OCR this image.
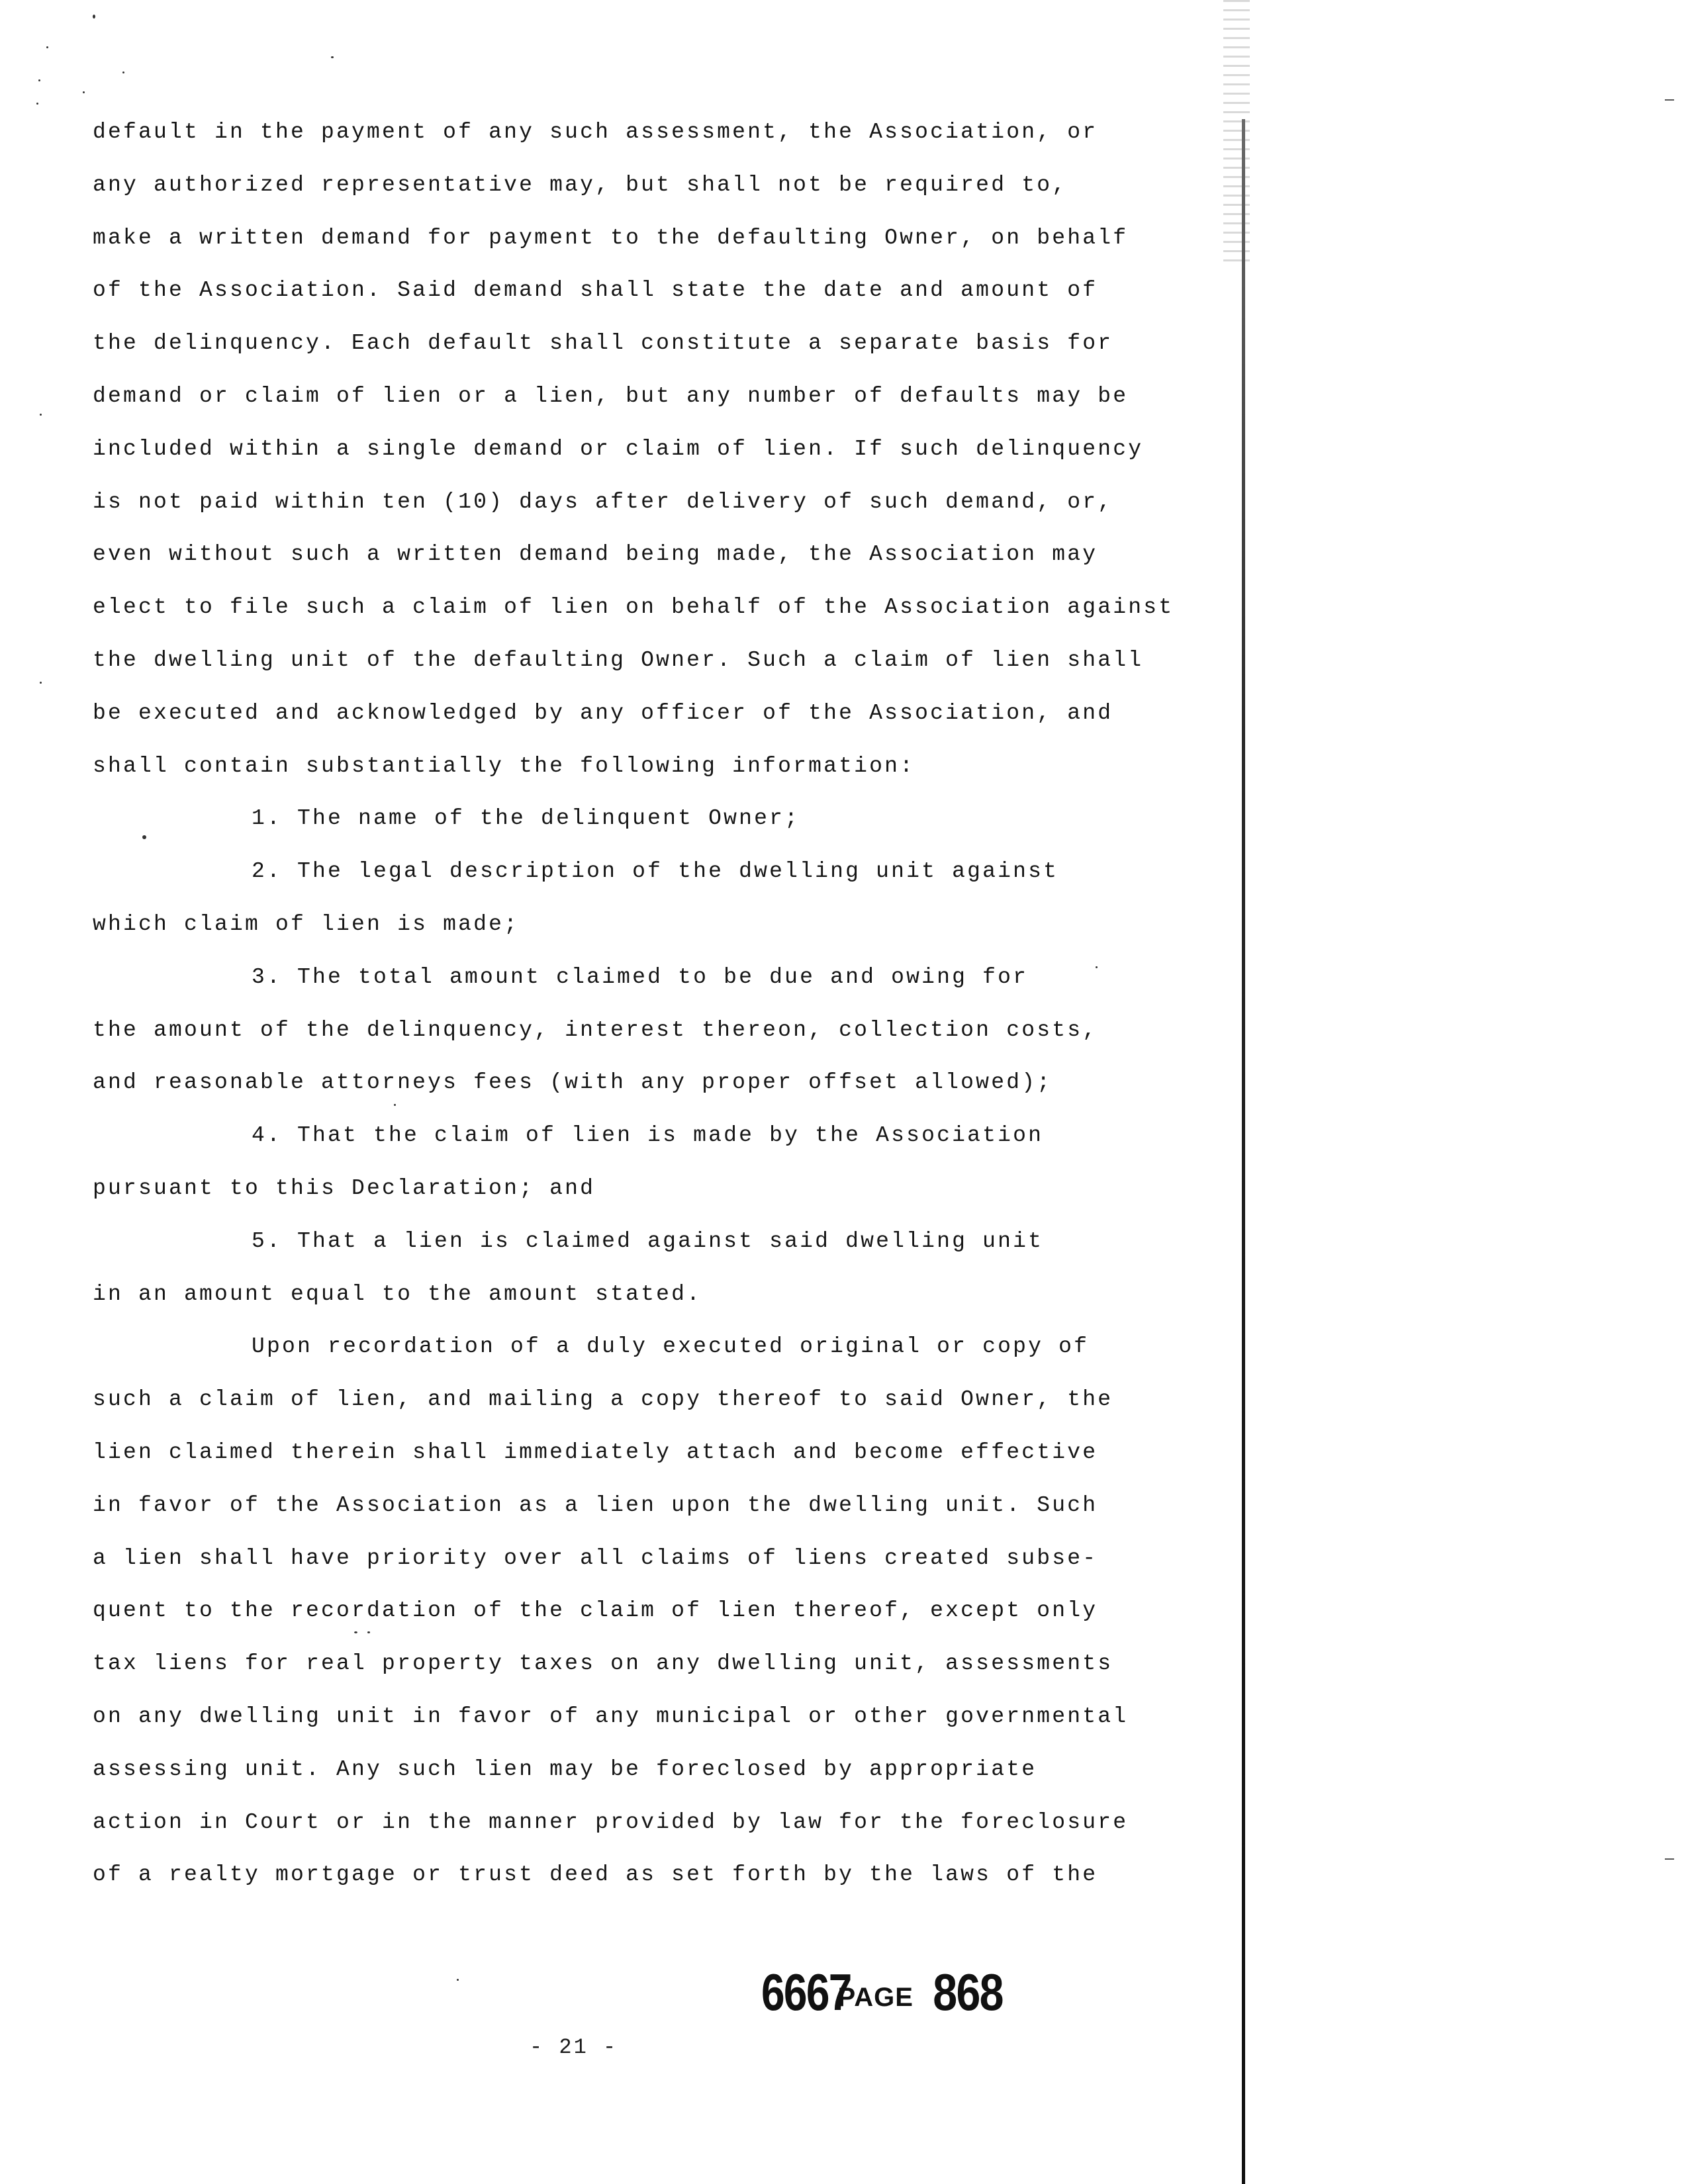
default in the payment of any such assessment, the Association, or
any authorized representative may, but shall not be required to,
make a written demand for payment to the defaulting Owner, on behalf
of the Association. Said demand shall state the date and amount of
the delinquency. Each default shall constitute a separate basis for
demand or claim of lien or a lien, but any number of defaults may be
included within a single demand or claim of lien. If such delinquency
is not paid within ten (10) days after delivery of such demand, or,
even without such a written demand being made, the Association may
elect to file such a claim of lien on behalf of the Association against
the dwelling unit of the defaulting Owner. Such a claim of lien shall
be executed and acknowledged by any officer of the Association, and
shall contain substantially the following information:
1. The name of the delinquent Owner;
2. The legal description of the dwelling unit against
which claim of lien is made;
3. The total amount claimed to be due and owing for
the amount of the delinquency, interest thereon, collection costs,
and reasonable attorneys fees (with any proper offset allowed);
4. That the claim of lien is made by the Association
pursuant to this Declaration; and
5. That a lien is claimed against said dwelling unit
in an amount equal to the amount stated.
Upon recordation of a duly executed original or copy of
such a claim of lien, and mailing a copy thereof to said Owner, the
lien claimed therein shall immediately attach and become effective
in favor of the Association as a lien upon the dwelling unit. Such
a lien shall have priority over all claims of liens created subse-
quent to the recordation of the claim of lien thereof, except only
tax liens for real property taxes on any dwelling unit, assessments
on any dwelling unit in favor of any municipal or other governmental
assessing unit. Any such lien may be foreclosed by appropriate
action in Court or in the manner provided by law for the foreclosure
of a realty mortgage or trust deed as set forth by the laws of the
6667PAGE 868
- 21 -
